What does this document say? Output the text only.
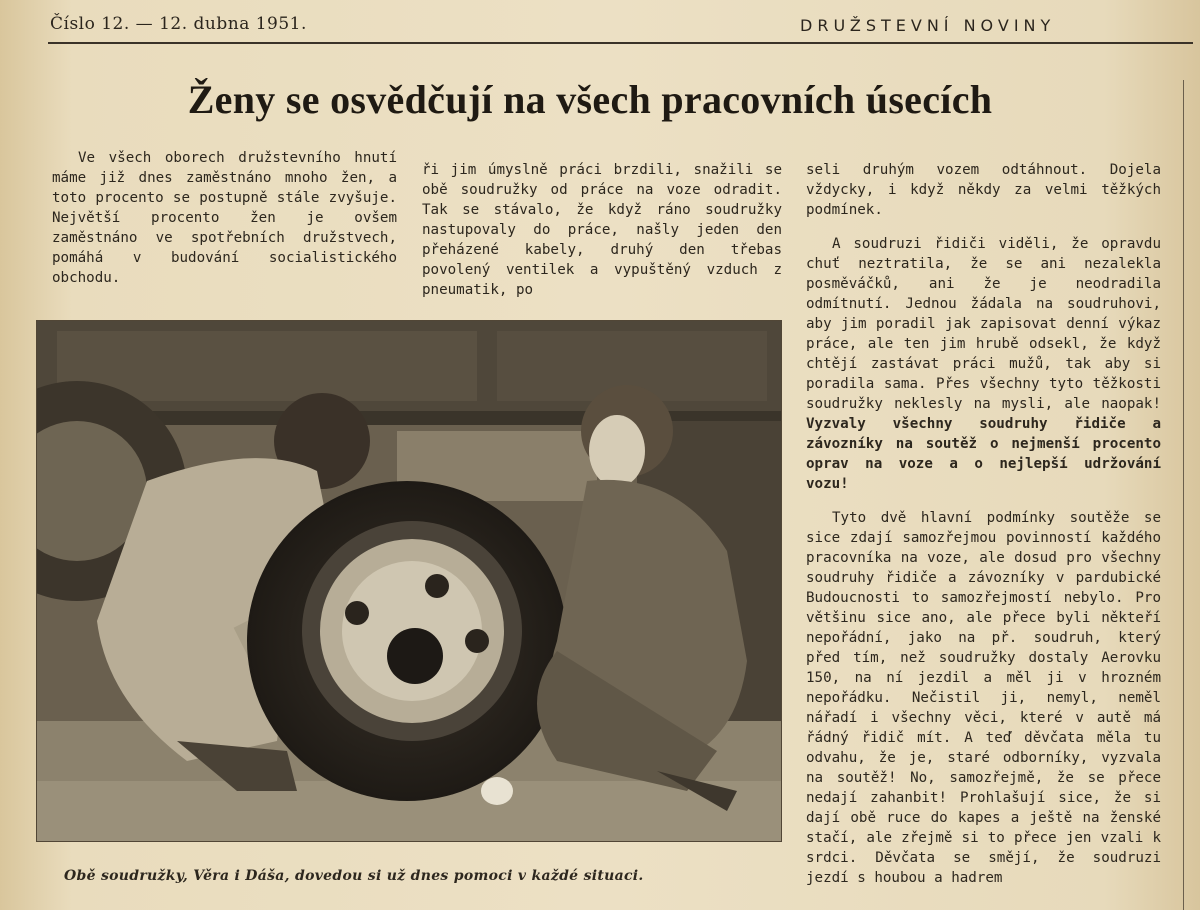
Číslo 12. — 12. dubna 1951.	DRUŽSTEVNÍ NOVINY
Ženy se osvědčují na všech pracovních úsecích

Ve všech oborech družstevního hnutí máme již dnes zaměstnáno mnoho žen, a toto procento se postupně stále zvyšuje. Největší procento žen je ovšem zaměstnáno ve spotřebních družstvech, pomáhá v budování socialistického obchodu.

ři jim úmyslně práci brzdili, snažili se obě soudružky od práce na voze odradit. Tak se stávalo, že když ráno soudružky nastupovaly do práce, našly jeden den přeházené kabely, druhý den třebas povolený ventilek a vypuštěný vzduch z pneumatik, po

seli druhým vozem odtáhnout. Dojela vždycky, i když někdy za velmi těžkých podmínek.

A soudruzi řidiči viděli, že opravdu chuť neztratila, že se ani nezalekla posměváčků, ani že je neodradila odmítnutí. Jednou žádala na soudruhovi, aby jim poradil jak zapisovat denní výkaz práce, ale ten jim hrubě odsekl, že když chtějí zastávat práci mužů, tak aby si poradila sama. Přes všechny tyto těžkosti soudružky neklesly na mysli, ale naopak! Vyzvaly všechny soudruhy řidiče a závozníky na soutěž o nejmenší procento oprav na voze a o nejlepší udržování vozu!

Tyto dvě hlavní podmínky soutěže se sice zdají samozřejmou povinností každého pracovníka na voze, ale dosud pro všechny soudruhy řidiče a závozníky v pardubické Budoucnosti to samozřejmostí nebylo. Pro většinu sice ano, ale přece byli někteří nepořádní, jako na př. soudruh, který před tím, než soudružky dostaly Aerovku 150, na ní jezdil a měl ji v hrozném nepořádku. Nečistil ji, nemyl, neměl nářadí i všechny věci, které v autě má řádný řidič mít. A teď děvčata měla tu odvahu, že je, staré odborníky, vyzvala na soutěž! No, samozřejmě, že se přece nedají zahanbit! Prohlašují sice, že si dají obě ruce do kapes a ještě na ženské stačí, ale zřejmě si to přece jen vzali k srdci. Děvčata se smějí, že soudruzi jezdí s houbou a hadrem

Obě soudružky, Věra i Dáša, dovedou si už dnes pomoci v každé situaci.
